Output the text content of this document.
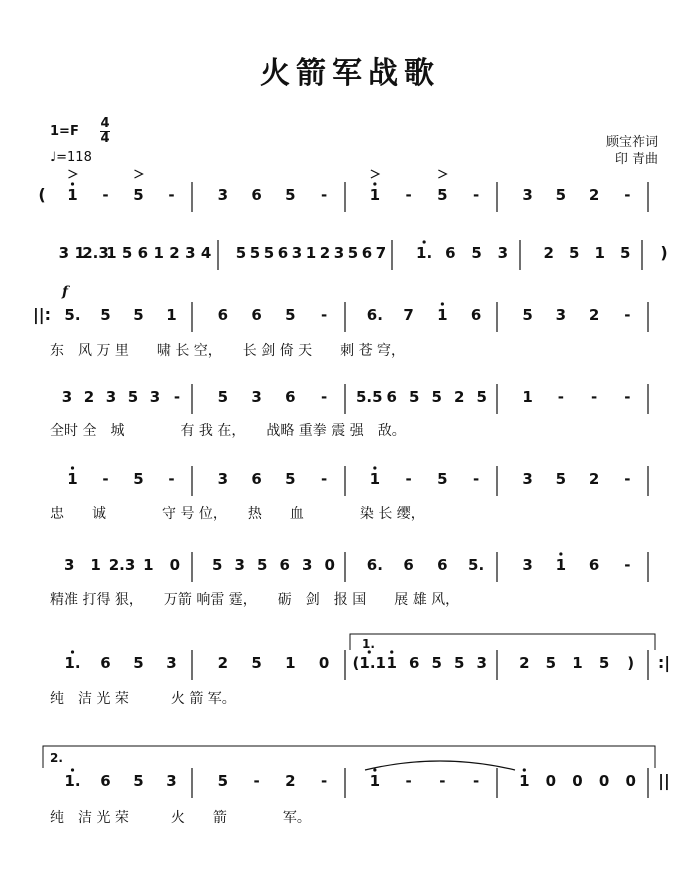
火箭军战歌
1=F
4
4
♩=118
顾宝祚词
印 青曲
1 - 5 -	3 6 5 -	1 - 5 -	3 5 2 -
(
3 1
2.3
1 5 6 1 2 3 4 5 5 5 6 3 1 2 3 5 6 7 1. 6 5 3 2 5 1 5 )
5. 5 5 1	6 6 5 -	6. 7 1 6	5 3 2 -
||:
3 2 3 5 3 -	5 3 6 - 5.5 6 5 5 2 5 1 - - -
1 - 5 -	3 6 5 -	1 - 5 -	3 5 2 -
3 1 2.3 1 0 5 3 5 6 3 0 6. 6 6 5.	3 1 6 -
1. 6 5 3	2 5 1 0 (1.1 1 6 5 5 3 2 5 1 5 ) :|
1. 6 5 3	5 - 2 -	1 - - -	1 0 0 0 0 ||
f
1.
2.
东　风 万 里　　啸 长 空，　　长 剑 倚 天　　刺 苍 穹，
全时 全　城　　　　有 我 在，　　战略 重拳 震 强　敌。
忠　　诚　　　　守 号 位，　　热　　血　　　　染 长 缨，
精准 打得 狠，　　万箭 响雷 霆，　　砺　剑　报 国　　展 雄 风，
纯　洁 光 荣　　　火 箭 军。
纯　洁 光 荣　　　火　　箭　　　　军。
